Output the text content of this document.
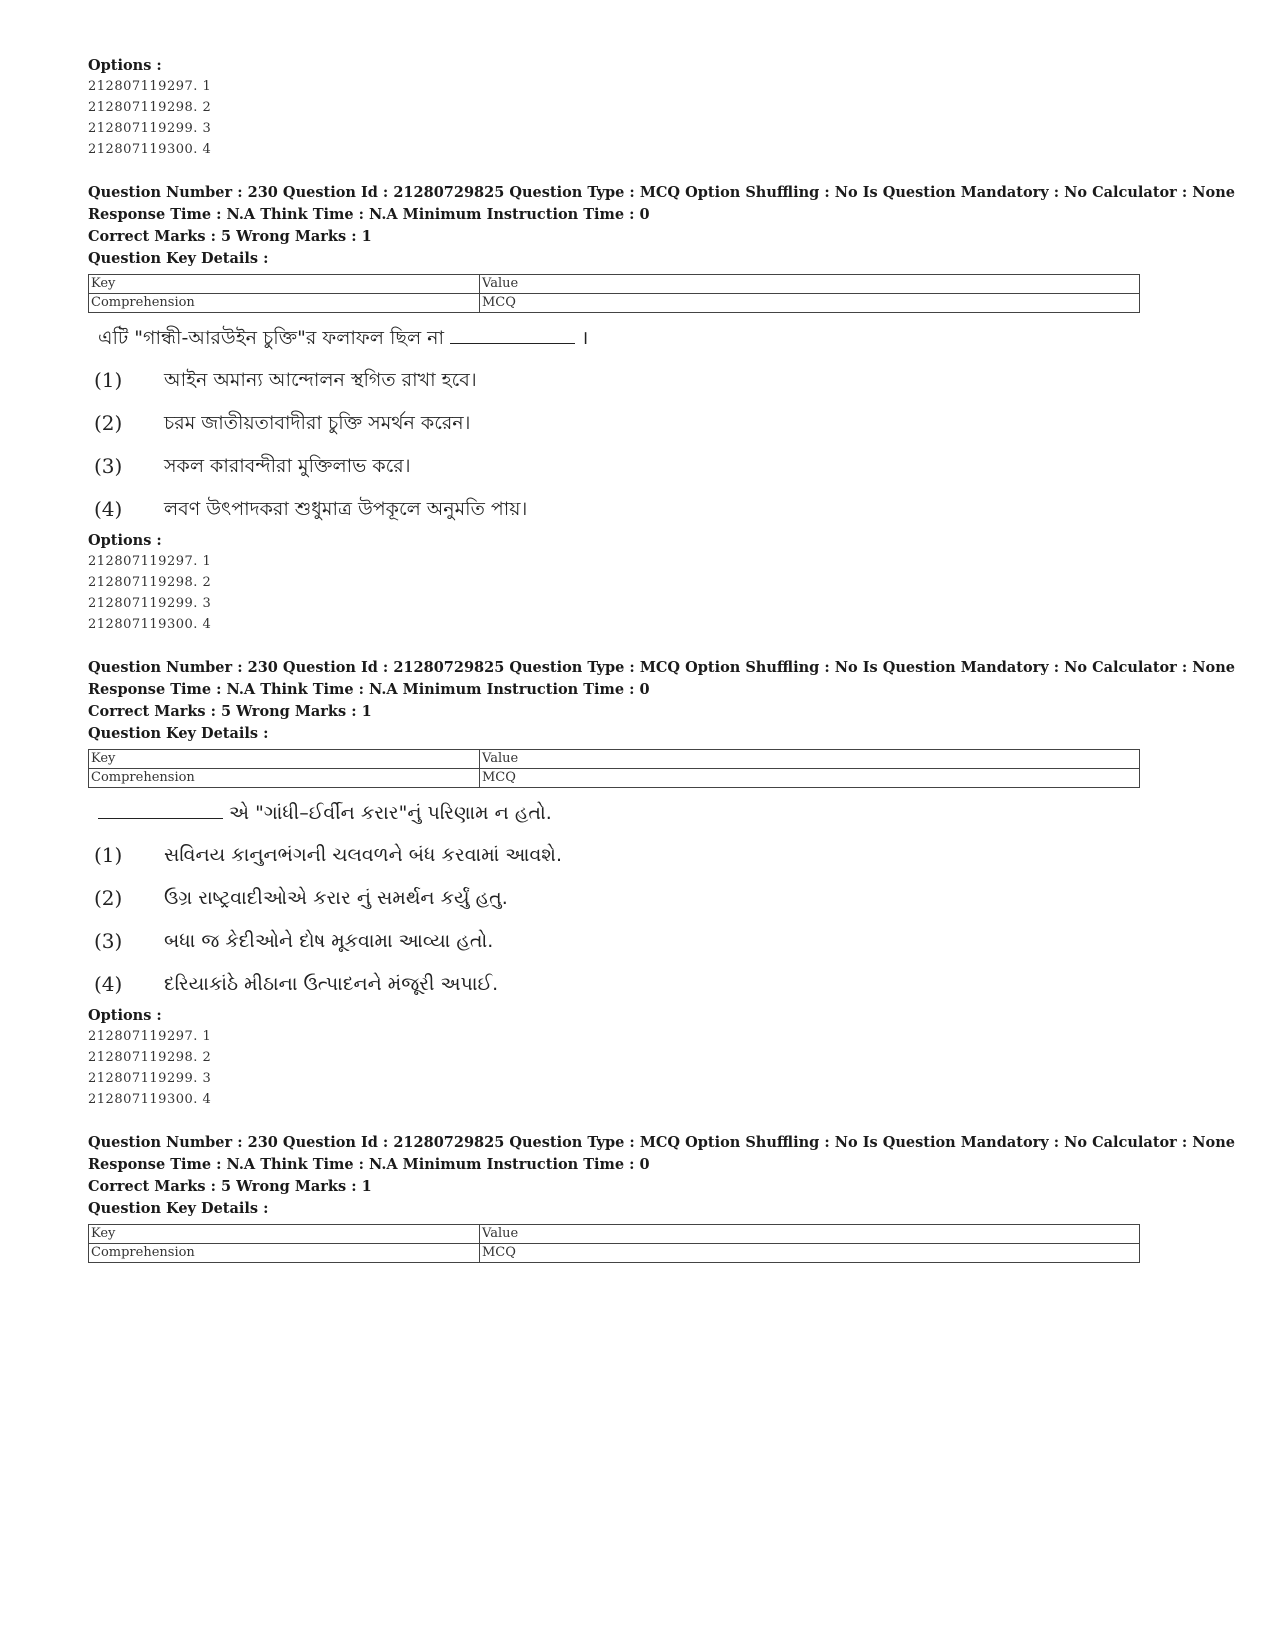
Options :
212807119297. 1
212807119298. 2
212807119299. 3
212807119300. 4
Question Number : 230 Question Id : 21280729825 Question Type : MCQ Option Shuffling : No Is Question Mandatory : No Calculator : None
Response Time : N.A Think Time : N.A Minimum Instruction Time : 0
Correct Marks : 5 Wrong Marks : 1
Question Key Details :
Key	Value
Comprehension	MCQ
এটি "গান্ধী-আরউইন চুক্তি"র ফলাফল ছিল না	।
(1)	আইন অমান্য আন্দোলন স্থগিত রাখা হবে।
(2)	চরম জাতীয়তাবাদীরা চুক্তি সমর্থন করেন।
(3)	সকল কারাবন্দীরা মুক্তিলাভ করে।
(4)	লবণ উৎপাদকরা শুধুমাত্র উপকূলে অনুমতি পায়।
Options :
212807119297. 1
212807119298. 2
212807119299. 3
212807119300. 4
Question Number : 230 Question Id : 21280729825 Question Type : MCQ Option Shuffling : No Is Question Mandatory : No Calculator : None
Response Time : N.A Think Time : N.A Minimum Instruction Time : 0
Correct Marks : 5 Wrong Marks : 1
Question Key Details :
Key	Value
Comprehension	MCQ
એ "ગાંધી–ઈર્વીન કરાર"નું પરિણામ ન હતો.
(1)	સવિનય કાનુનભંગની ચલવળને બંધ કરવામાં આવશે.
(2)	ઉગ્ર રાષ્ટ્રવાદીઓએ કરાર નું સમર્થન કર્યું હતુ.
(3)	બધા જ કેદીઓને દોષ મૂકવામા આવ્યા હતો.
(4)	દરિયાકાંઠે મીઠાના ઉત્પાદનને મંજૂરી અપાઈ.
Options :
212807119297. 1
212807119298. 2
212807119299. 3
212807119300. 4
Question Number : 230 Question Id : 21280729825 Question Type : MCQ Option Shuffling : No Is Question Mandatory : No Calculator : None
Response Time : N.A Think Time : N.A Minimum Instruction Time : 0
Correct Marks : 5 Wrong Marks : 1
Question Key Details :
Key	Value
Comprehension	MCQ
